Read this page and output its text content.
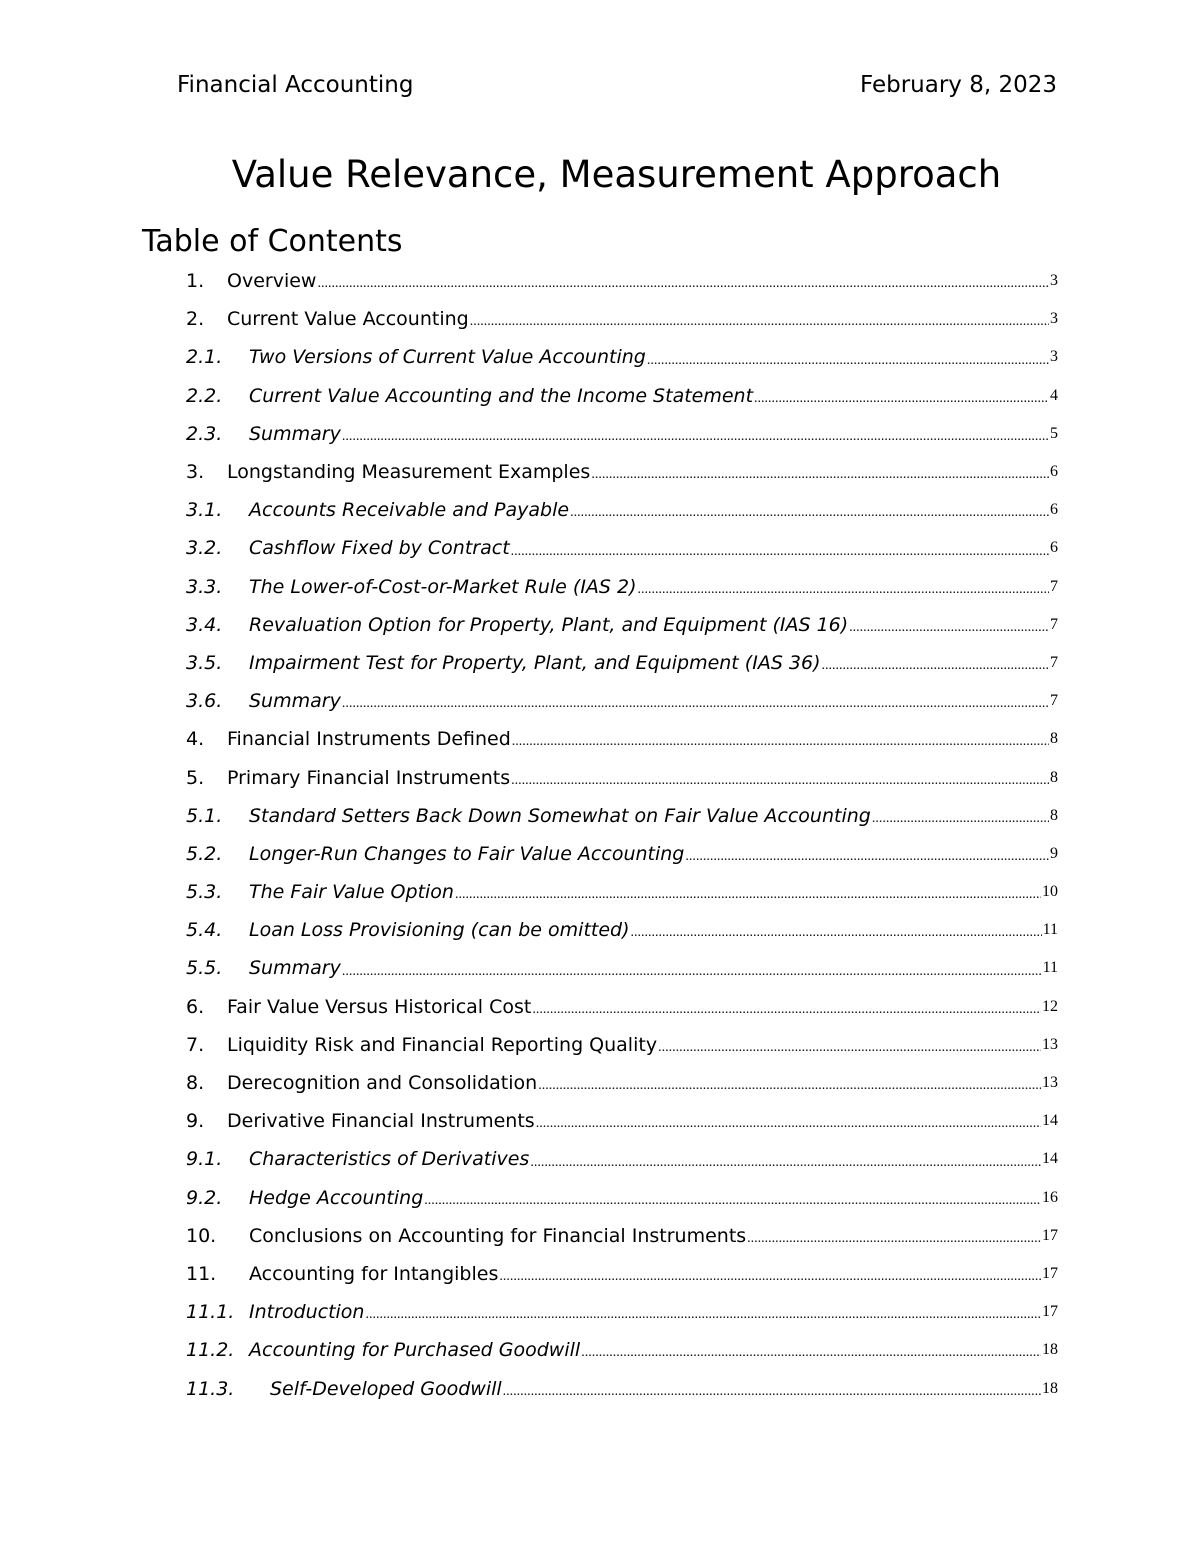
Financial Accounting	February 8, 2023
Value Relevance, Measurement Approach
Table of Contents
1.	Overview .....	3
2.	Current Value Accounting .....	3
2.1.	Two Versions of Current Value Accounting .....	3
2.2.	Current Value Accounting and the Income Statement .....	4
2.3.	Summary .....	5
3.	Longstanding Measurement Examples .....	6
3.1.	Accounts Receivable and Payable .....	6
3.2.	Cashflow Fixed by Contract .....	6
3.3.	The Lower-of-Cost-or-Market Rule (IAS 2) .....	7
3.4.	Revaluation Option for Property, Plant, and Equipment (IAS 16) .....	7
3.5.	Impairment Test for Property, Plant, and Equipment (IAS 36) .....	7
3.6.	Summary .....	7
4.	Financial Instruments Defined .....	8
5.	Primary Financial Instruments .....	8
5.1.	Standard Setters Back Down Somewhat on Fair Value Accounting .....	8
5.2.	Longer-Run Changes to Fair Value Accounting .....	9
5.3.	The Fair Value Option .....	10
5.4.	Loan Loss Provisioning (can be omitted) .....	11
5.5.	Summary .....	11
6.	Fair Value Versus Historical Cost .....	12
7.	Liquidity Risk and Financial Reporting Quality .....	13
8.	Derecognition and Consolidation .....	13
9.	Derivative Financial Instruments .....	14
9.1.	Characteristics of Derivatives .....	14
9.2.	Hedge Accounting .....	16
10.	Conclusions on Accounting for Financial Instruments .....	17
11.	Accounting for Intangibles .....	17
11.1. Introduction .....	17
11.2. Accounting for Purchased Goodwill .....	18
11.3.	Self-Developed Goodwill .....	18
